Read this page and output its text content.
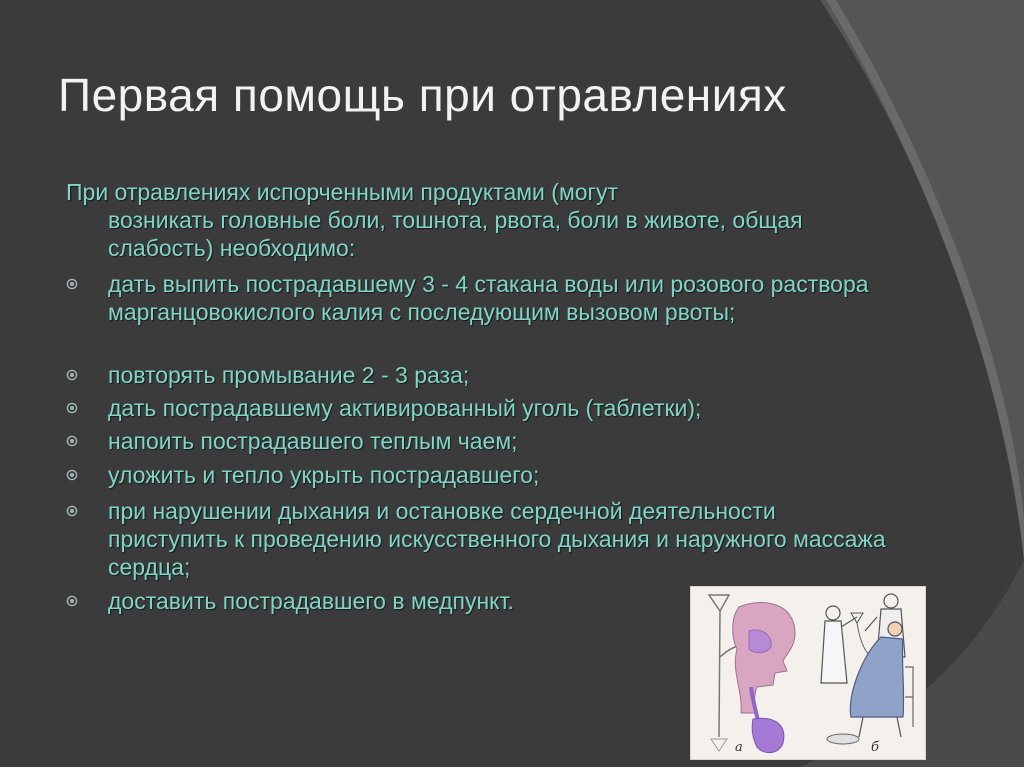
Первая помощь при отравлениях
При отравлениях испорченными продуктами (могут
возникать головные боли, тошнота, рвота, боли в животе, общая слабость) необходимо:
дать выпить пострадавшему 3 - 4 стакана воды или розового раствора марганцовокислого калия с последующим вызовом рвоты;
повторять промывание 2 - 3 раза;
дать пострадавшему активированный уголь (таблетки);
напоить пострадавшего теплым чаем;
уложить и тепло укрыть пострадавшего;
при нарушении дыхания и остановке сердечной деятельности приступить к проведению искусственного дыхания и наружного массажа сердца;
доставить пострадавшего в медпункт.
а	б
